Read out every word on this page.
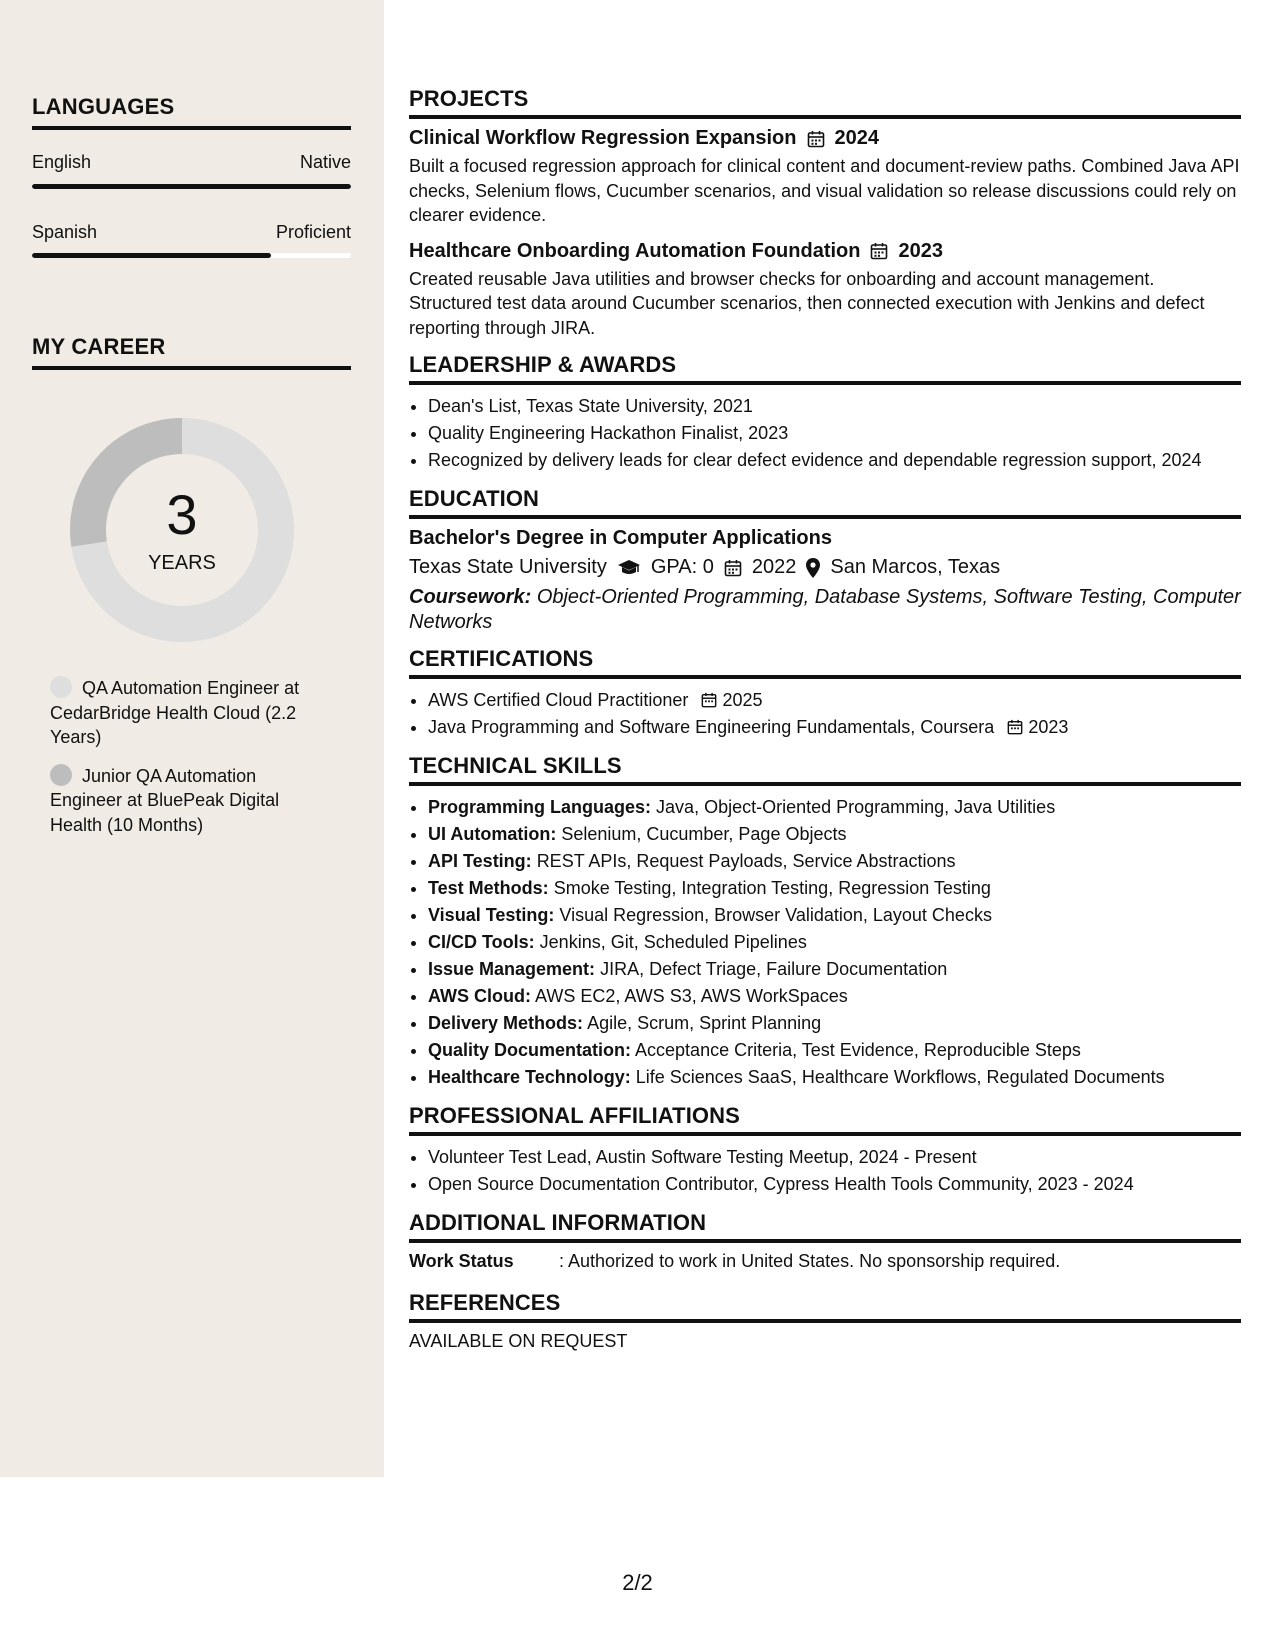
LANGUAGES
English	Native
Spanish	Proficient
MY CAREER
3
YEARS
QA Automation Engineer at CedarBridge Health Cloud (2.2 Years)
Junior QA Automation Engineer at BluePeak Digital Health (10 Months)
PROJECTS
Clinical Workflow Regression Expansion 2024
Built a focused regression approach for clinical content and document-review paths. Combined Java API checks, Selenium flows, Cucumber scenarios, and visual validation so release discussions could rely on clearer evidence.
Healthcare Onboarding Automation Foundation 2023
Created reusable Java utilities and browser checks for onboarding and account management. Structured test data around Cucumber scenarios, then connected execution with Jenkins and defect reporting through JIRA.
LEADERSHIP & AWARDS
• Dean's List, Texas State University, 2021
• Quality Engineering Hackathon Finalist, 2023
• Recognized by delivery leads for clear defect evidence and dependable regression support, 2024
EDUCATION
Bachelor's Degree in Computer Applications
Texas State University GPA: 0 2022 San Marcos, Texas
Coursework: Object-Oriented Programming, Database Systems, Software Testing, Computer Networks
CERTIFICATIONS
• AWS Certified Cloud Practitioner 2025
• Java Programming and Software Engineering Fundamentals, Coursera 2023
TECHNICAL SKILLS
• Programming Languages: Java, Object-Oriented Programming, Java Utilities
• UI Automation: Selenium, Cucumber, Page Objects
• API Testing: REST APIs, Request Payloads, Service Abstractions
• Test Methods: Smoke Testing, Integration Testing, Regression Testing
• Visual Testing: Visual Regression, Browser Validation, Layout Checks
• CI/CD Tools: Jenkins, Git, Scheduled Pipelines
• Issue Management: JIRA, Defect Triage, Failure Documentation
• AWS Cloud: AWS EC2, AWS S3, AWS WorkSpaces
• Delivery Methods: Agile, Scrum, Sprint Planning
• Quality Documentation: Acceptance Criteria, Test Evidence, Reproducible Steps
• Healthcare Technology: Life Sciences SaaS, Healthcare Workflows, Regulated Documents
PROFESSIONAL AFFILIATIONS
• Volunteer Test Lead, Austin Software Testing Meetup, 2024 - Present
• Open Source Documentation Contributor, Cypress Health Tools Community, 2023 - 2024
ADDITIONAL INFORMATION
Work Status	: Authorized to work in United States. No sponsorship required.
REFERENCES
AVAILABLE ON REQUEST
2/2
